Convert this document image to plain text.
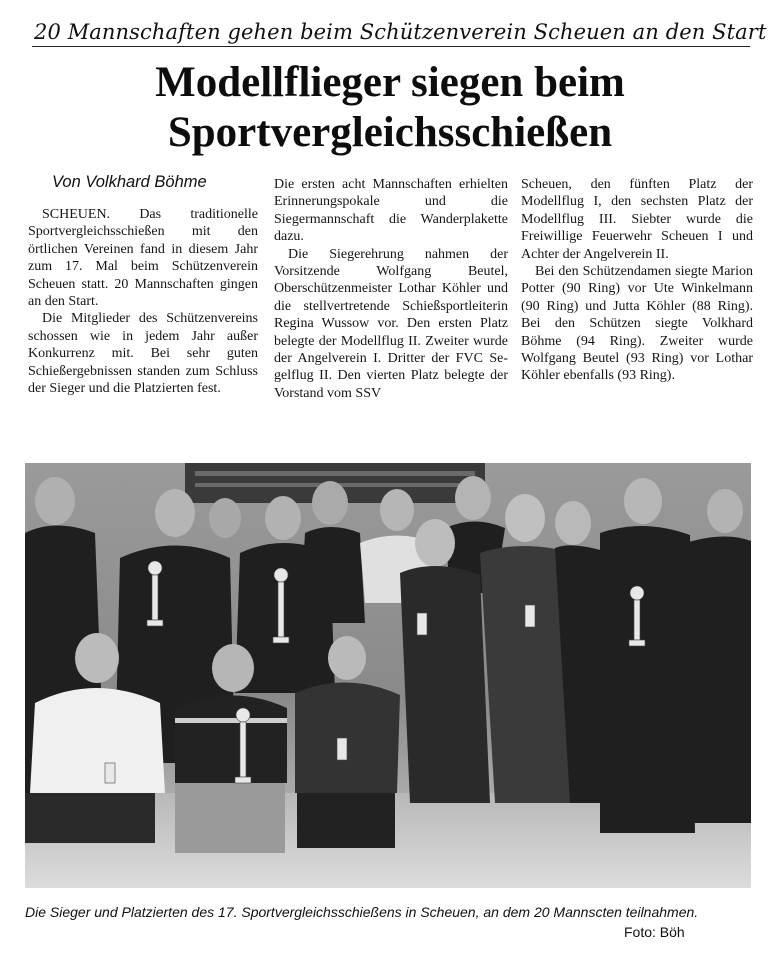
20 Mannschaften gehen beim Schützenverein Scheuen an den Start
Modellflieger siegen beim Sportvergleichsschießen
Von Volkhard Böhme

SCHEUEN. Das traditionelle Sportvergleichsschießen mit den örtlichen Vereinen fand in diesem Jahr zum 17. Mal beim Schützenverein Scheuen statt. 20 Mannschaften gingen an den Start.

Die Mitglieder des Schützenvereins schossen wie in jedem Jahr außer Konkurrenz mit. Bei sehr guten Schießergebnissen standen zum Schluss der Sieger und die Platzierten fest.

Die ersten acht Mannschaften erhielten Erinnerungspokale und die Siegermannschaft die Wanderplakette dazu.

Die Siegerehrung nahmen der Vorsitzende Wolfgang Beutel, Oberschützenmeister Lothar Köhler und die stellvertretende Schießsportleiterin Regina Wussow vor. Den ersten Platz belegte der Modellflug II. Zweiter wurde der Angelverein I. Dritter der FVC Segelflug II. Den vierten Platz belegte der Vorstand vom SSV

Scheuen, den fünften Platz der Modellflug I, den sechsten Platz der Modellflug III. Siebter wurde die Freiwillige Feuerwehr Scheuen I und Achter der Angelverein II.

Bei den Schützendamen siegte Marion Potter (90 Ring) vor Ute Winkelmann (90 Ring) und Jutta Köhler (88 Ring). Bei den Schützen siegte Volkhard Böhme (94 Ring). Zweiter wurde Wolfgang Beutel (93 Ring) vor Lothar Köhler ebenfalls (93 Ring).

Die Sieger und Platzierten des 17. Sportvergleichsschießens in Scheuen, an dem 20 Mannscten teilnahmen.
Foto: Böh
